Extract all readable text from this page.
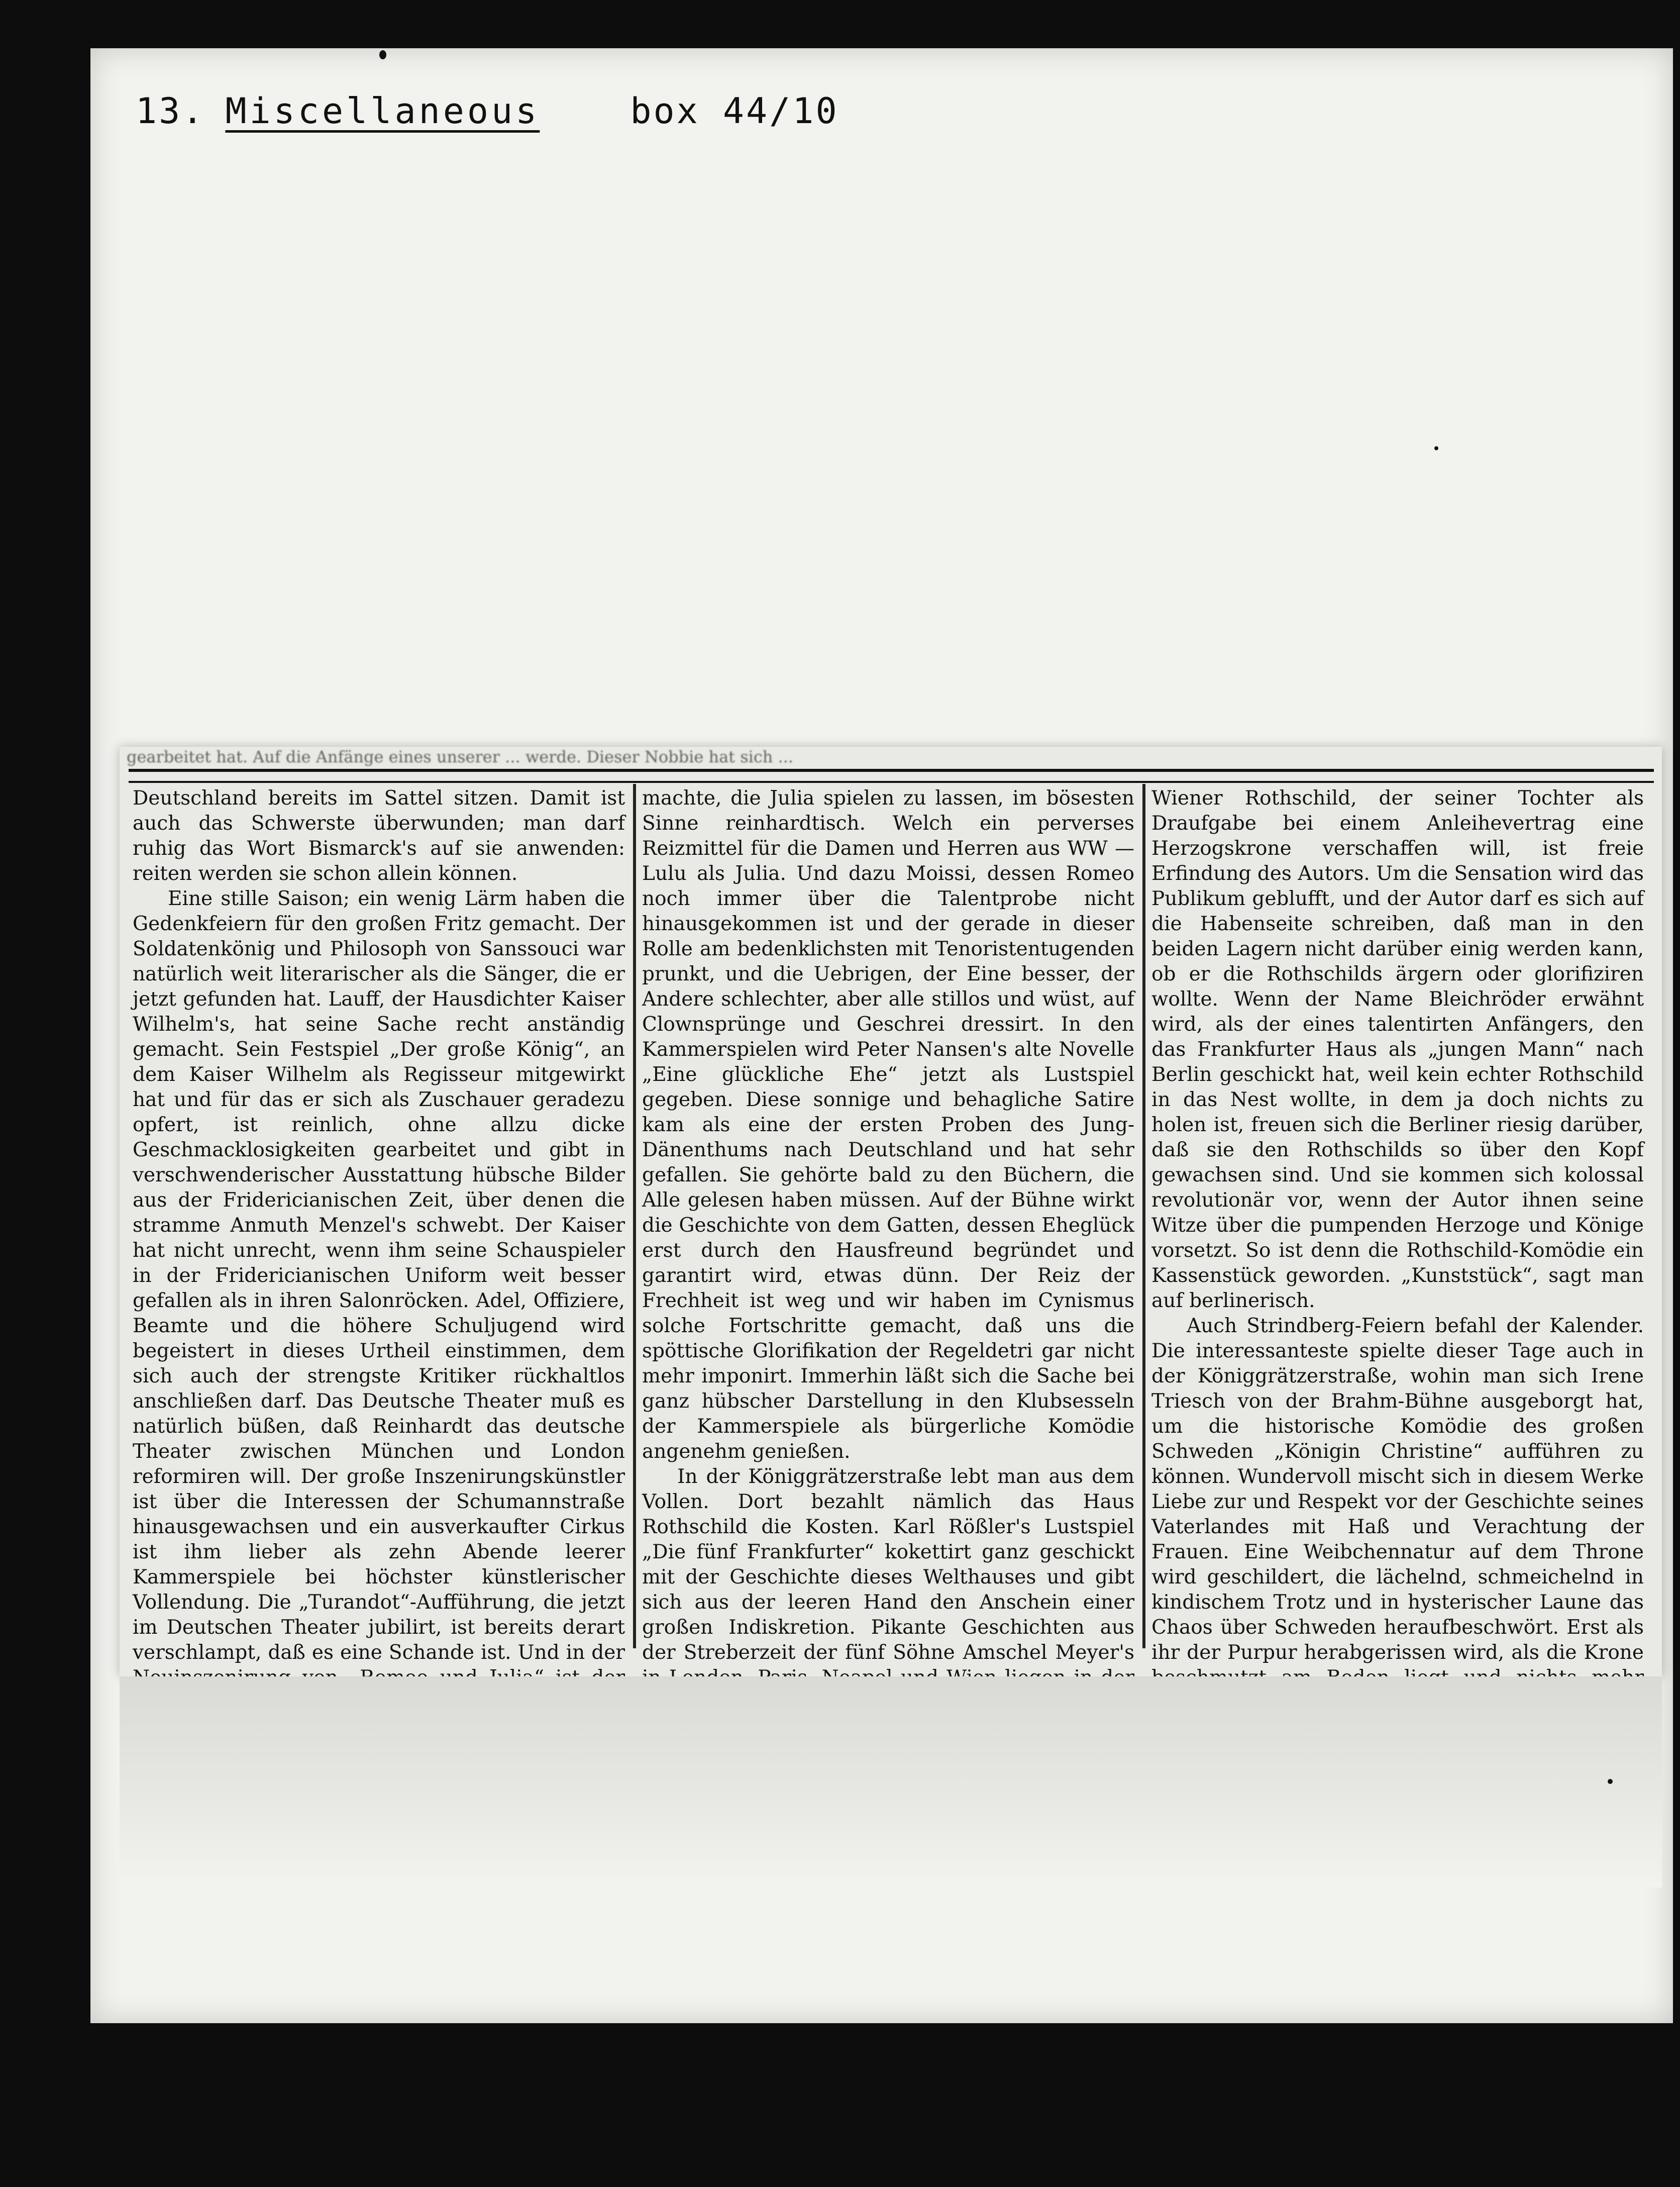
13. Miscellaneous	box 44/10
gearbeitet hat. Auf die Anfänge eines unserer ... werde. Dieser Nobbie hat sich ...

Deutschland bereits im Sattel sitzen. Damit ist auch das Schwerste überwunden; man darf ruhig das Wort Bismarck's auf sie anwenden: reiten werden sie schon allein können.

Eine stille Saison; ein wenig Lärm haben die Gedenkfeiern für den großen Fritz gemacht. Der Soldatenkönig und Philosoph von Sanssouci war natürlich weit literarischer als die Sänger, die er jetzt gefunden hat. Lauff, der Hausdichter Kaiser Wilhelm's, hat seine Sache recht anständig gemacht. Sein Festspiel „Der große König“, an dem Kaiser Wilhelm als Regisseur mitgewirkt hat und für das er sich als Zuschauer geradezu opfert, ist reinlich, ohne allzu dicke Geschmacklosigkeiten gearbeitet und gibt in verschwenderischer Ausstattung hübsche Bilder aus der Fridericianischen Zeit, über denen die stramme Anmuth Menzel's schwebt. Der Kaiser hat nicht unrecht, wenn ihm seine Schauspieler in der Fridericianischen Uniform weit besser gefallen als in ihren Salonröcken. Adel, Offiziere, Beamte und die höhere Schuljugend wird begeistert in dieses Urtheil einstimmen, dem sich auch der strengste Kritiker rückhaltlos anschließen darf. Das Deutsche Theater muß es natürlich büßen, daß Reinhardt das deutsche Theater zwischen München und London reformiren will. Der große Inszenirungskünstler ist über die Interessen der Schumannstraße hinausgewachsen und ein ausverkaufter Cirkus ist ihm lieber als zehn Abende leerer Kammerspiele bei höchster künstlerischer Vollendung. Die „Turandot“-Aufführung, die jetzt im Deutschen Theater jubilirt, ist bereits derart verschlampt, daß es eine Schande ist. Und in der

machte, die Julia spielen zu lassen, im bösesten Sinne reinhardtisch. Welch ein perverses Reizmittel für die Damen und Herren aus WW — Lulu als Julia. Und dazu Moissi, dessen Romeo noch immer über die Talentprobe nicht hinausgekommen ist und der gerade in dieser Rolle am bedenklichsten mit Tenoristentugenden prunkt, und die Uebrigen, der Eine besser, der Andere schlechter, aber alle stillos und wüst, auf Clownsprünge und Geschrei dressirt. In den Kammerspielen wird Peter Nansen's alte Novelle „Eine glückliche Ehe“ jetzt als Lustspiel gegeben. Diese sonnige und behagliche Satire kam als eine der ersten Proben des Jung-Dänenthums nach Deutschland und hat sehr gefallen. Sie gehörte bald zu den Büchern, die Alle gelesen haben müssen. Auf der Bühne wirkt die Geschichte von dem Gatten, dessen Eheglück erst durch den Hausfreund begründet und garantirt wird, etwas dünn. Der Reiz der Frechheit ist weg und wir haben im Cynismus solche Fortschritte gemacht, daß uns die spöttische Glorifikation der Regeldetri gar nicht mehr imponirt. Immerhin läßt sich die Sache bei ganz hübscher Darstellung in den Klubsesseln der Kammerspiele als bürgerliche Komödie angenehm genießen.

In der Königgrätzerstraße lebt man aus dem Vollen. Dort bezahlt nämlich das Haus Rothschild die Kosten. Karl Rößler's Lustspiel „Die fünf Frankfurter“ kokettirt ganz geschickt mit der Geschichte dieses Welthauses und gibt sich aus der leeren Hand den Anschein einer großen Indiskretion. Pikante Geschichten aus der Streberzeit der fünf Söhne Amschel Meyer's

Wiener Rothschild, der seiner Tochter als Draufgabe bei einem Anleihevertrag eine Herzogskrone verschaffen will, ist freie Erfindung des Autors. Um die Sensation wird das Publikum geblufft, und der Autor darf es sich auf die Habenseite schreiben, daß man in den beiden Lagern nicht darüber einig werden kann, ob er die Rothschilds ärgern oder glorifiziren wollte. Wenn der Name Bleichröder erwähnt wird, als der eines talentirten Anfängers, den das Frankfurter Haus als „jungen Mann“ nach Berlin geschickt hat, weil kein echter Rothschild in das Nest wollte, in dem ja doch nichts zu holen ist, freuen sich die Berliner riesig darüber, daß sie den Rothschilds so über den Kopf gewachsen sind. Und sie kommen sich kolossal revolutionär vor, wenn der Autor ihnen seine Witze über die pumpenden Herzoge und Könige vorsetzt. So ist denn die Rothschild-Komödie ein Kassenstück geworden. „Kunststück“, sagt man auf berlinerisch.

Auch Strindberg-Feiern befahl der Kalender. Die interessanteste spielte dieser Tage auch in der Königgrätzerstraße, wohin man sich Irene Triesch von der Brahm-Bühne ausgeborgt hat, um die historische Komödie des großen Schweden „Königin Christine“ aufführen zu können. Wundervoll mischt sich in diesem Werke Liebe zur und Respekt vor der Geschichte seines Vaterlandes mit Haß und Verachtung der Frauen. Eine Weibchennatur auf dem Throne wird geschildert, die lächelnd, schmeichelnd in kindischem Trotz und in hysterischer Laune das Chaos über Schweden heraufbeschwört. Erst als ihr der Purpur herabgerissen wird, als die Krone
